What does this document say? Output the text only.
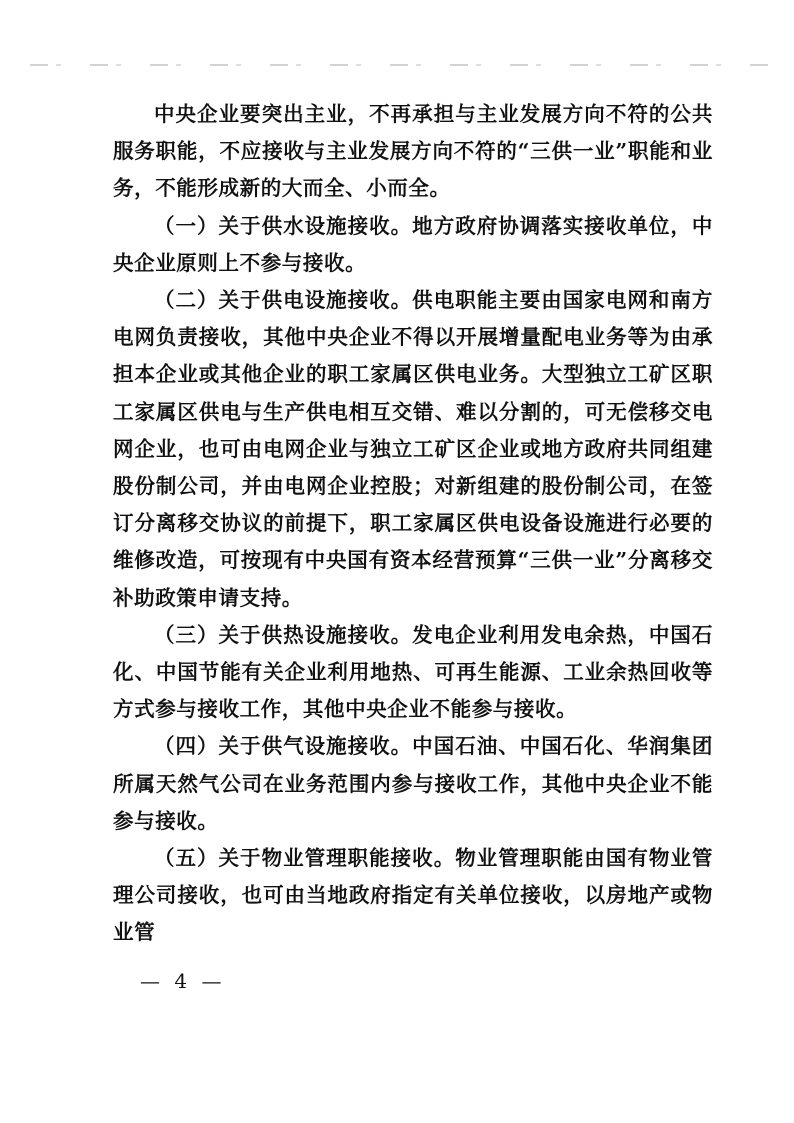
中央企业要突出主业，不再承担与主业发展方向不符的公共服务职能，不应接收与主业发展方向不符的“三供一业”职能和业务，不能形成新的大而全、小而全。

（一）关于供水设施接收。地方政府协调落实接收单位，中央企业原则上不参与接收。

（二）关于供电设施接收。供电职能主要由国家电网和南方电网负责接收，其他中央企业不得以开展增量配电业务等为由承担本企业或其他企业的职工家属区供电业务。大型独立工矿区职工家属区供电与生产供电相互交错、难以分割的，可无偿移交电网企业，也可由电网企业与独立工矿区企业或地方政府共同组建股份制公司，并由电网企业控股；对新组建的股份制公司，在签订分离移交协议的前提下，职工家属区供电设备设施进行必要的维修改造，可按现有中央国有资本经营预算“三供一业”分离移交补助政策申请支持。

（三）关于供热设施接收。发电企业利用发电余热，中国石化、中国节能有关企业利用地热、可再生能源、工业余热回收等方式参与接收工作，其他中央企业不能参与接收。

（四）关于供气设施接收。中国石油、中国石化、华润集团所属天然气公司在业务范围内参与接收工作，其他中央企业不能参与接收。

（五）关于物业管理职能接收。物业管理职能由国有物业管理公司接收，也可由当地政府指定有关单位接收，以房地产或物业管

— 4 —
